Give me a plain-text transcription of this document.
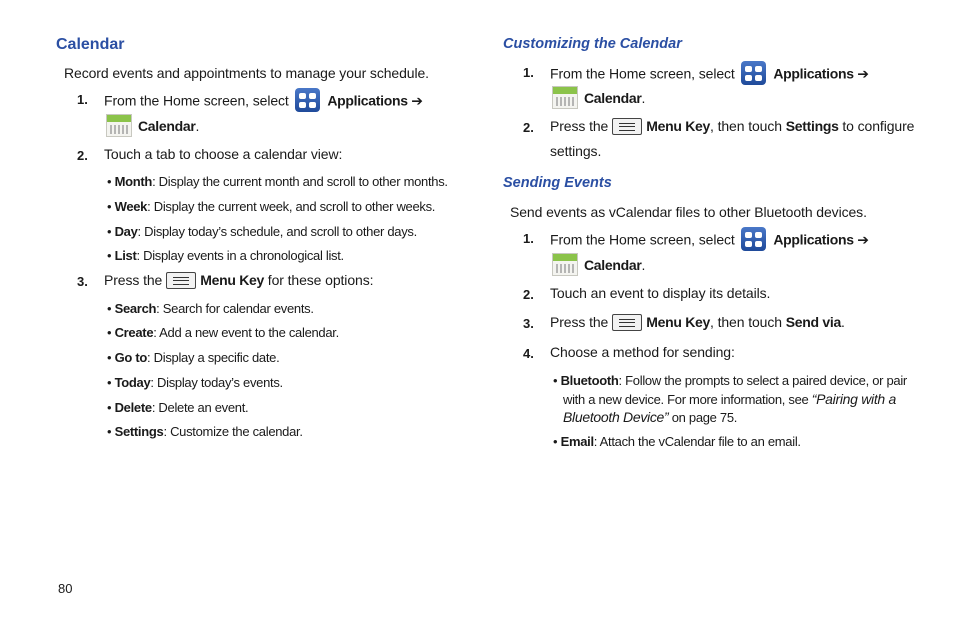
Calendar
Record events and appointments to manage your schedule.
1. From the Home screen, select	Applications ➔
Calendar.
2. Touch a tab to choose a calendar view:
• Month: Display the current month and scroll to other months.
• Week: Display the current week, and scroll to other weeks.
• Day: Display today’s schedule, and scroll to other days.
• List: Display events in a chronological list.
3. Press the	Menu Key for these options:
• Search: Search for calendar events.
• Create: Add a new event to the calendar.
• Go to: Display a specific date.
• Today: Display today’s events.
• Delete: Delete an event.
• Settings: Customize the calendar.
Customizing the Calendar
1. From the Home screen, select	Applications ➔
Calendar.
2. Press the	Menu Key, then touch Settings to configure
settings.
Sending Events
Send events as vCalendar files to other Bluetooth devices.
1. From the Home screen, select	Applications ➔
Calendar.
2. Touch an event to display its details.
3. Press the	Menu Key, then touch Send via.
4. Choose a method for sending:
• Bluetooth: Follow the prompts to select a paired device, or pair
with a new device. For more information, see “Pairing with a
Bluetooth Device” on page 75.
• Email: Attach the vCalendar file to an email.
80
